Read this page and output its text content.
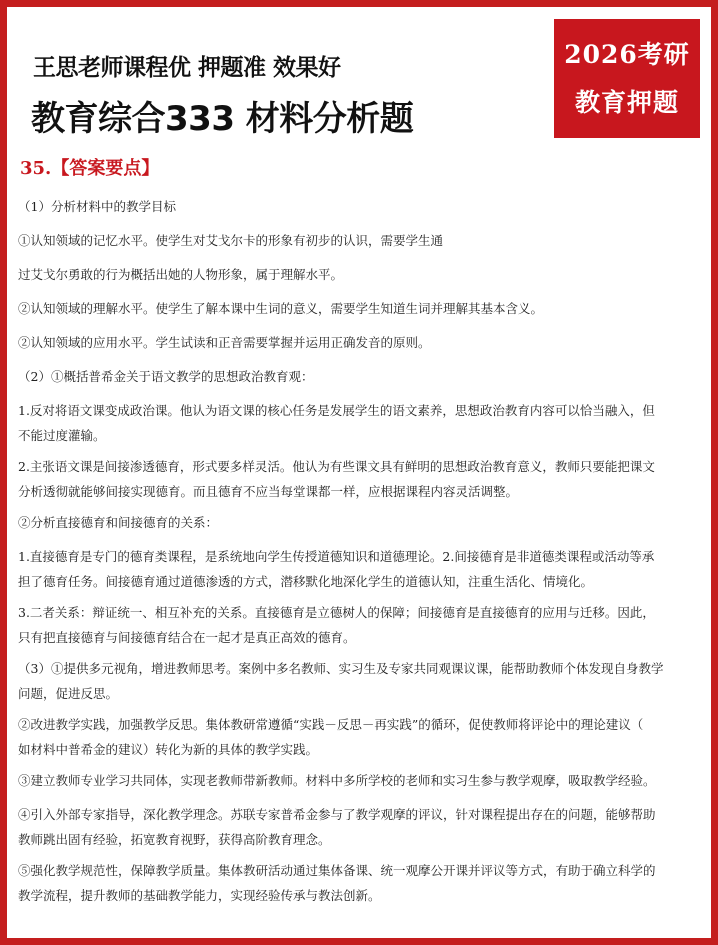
王思老师课程优 押题准 效果好
教育综合333 材料分析题
2026考研
教育押题
35.【答案要点】
（1）分析材料中的教学目标
①认知领域的记忆水平。使学生对艾戈尔卡的形象有初步的认识，需要学生通
过艾戈尔勇敢的行为概括出她的人物形象，属于理解水平。
②认知领域的理解水平。使学生了解本课中生词的意义，需要学生知道生词并理解其基本含义。
②认知领域的应用水平。学生试读和正音需要掌握并运用正确发音的原则。
（2）①概括普希金关于语文教学的思想政治教育观：
1.反对将语文课变成政治课。他认为语文课的核心任务是发展学生的语文素养，思想政治教育内容可以恰当融入，但
不能过度灌输。
2.主张语文课是间接渗透德育，形式要多样灵活。他认为有些课文具有鲜明的思想政治教育意义，教师只要能把课文
分析透彻就能够间接实现德育。而且德育不应当每堂课都一样，应根据课程内容灵活调整。
②分析直接德育和间接德育的关系：
1.直接德育是专门的德育类课程，是系统地向学生传授道德知识和道德理论。2.间接德育是非道德类课程或活动等承
担了德育任务。间接德育通过道德渗透的方式，潜移默化地深化学生的道德认知，注重生活化、情境化。
3.二者关系：辩证统一、相互补充的关系。直接德育是立德树人的保障；间接德育是直接德育的应用与迁移。因此，
只有把直接德育与间接德育结合在一起才是真正高效的德育。
（3）①提供多元视角，增进教师思考。案例中多名教师、实习生及专家共同观课议课，能帮助教师个体发现自身教学
问题，促进反思。
②改进教学实践，加强教学反思。集体教研常遵循“实践－反思－再实践”的循环，促使教师将评论中的理论建议（
如材料中普希金的建议）转化为新的具体的教学实践。
③建立教师专业学习共同体，实现老教师带新教师。材料中多所学校的老师和实习生参与教学观摩，吸取教学经验。
④引入外部专家指导，深化教学理念。苏联专家普希金参与了教学观摩的评议，针对课程提出存在的问题，能够帮助
教师跳出固有经验，拓宽教育视野，获得高阶教育理念。
⑤强化教学规范性，保障教学质量。集体教研活动通过集体备课、统一观摩公开课并评议等方式，有助于确立科学的
教学流程，提升教师的基础教学能力，实现经验传承与教法创新。
